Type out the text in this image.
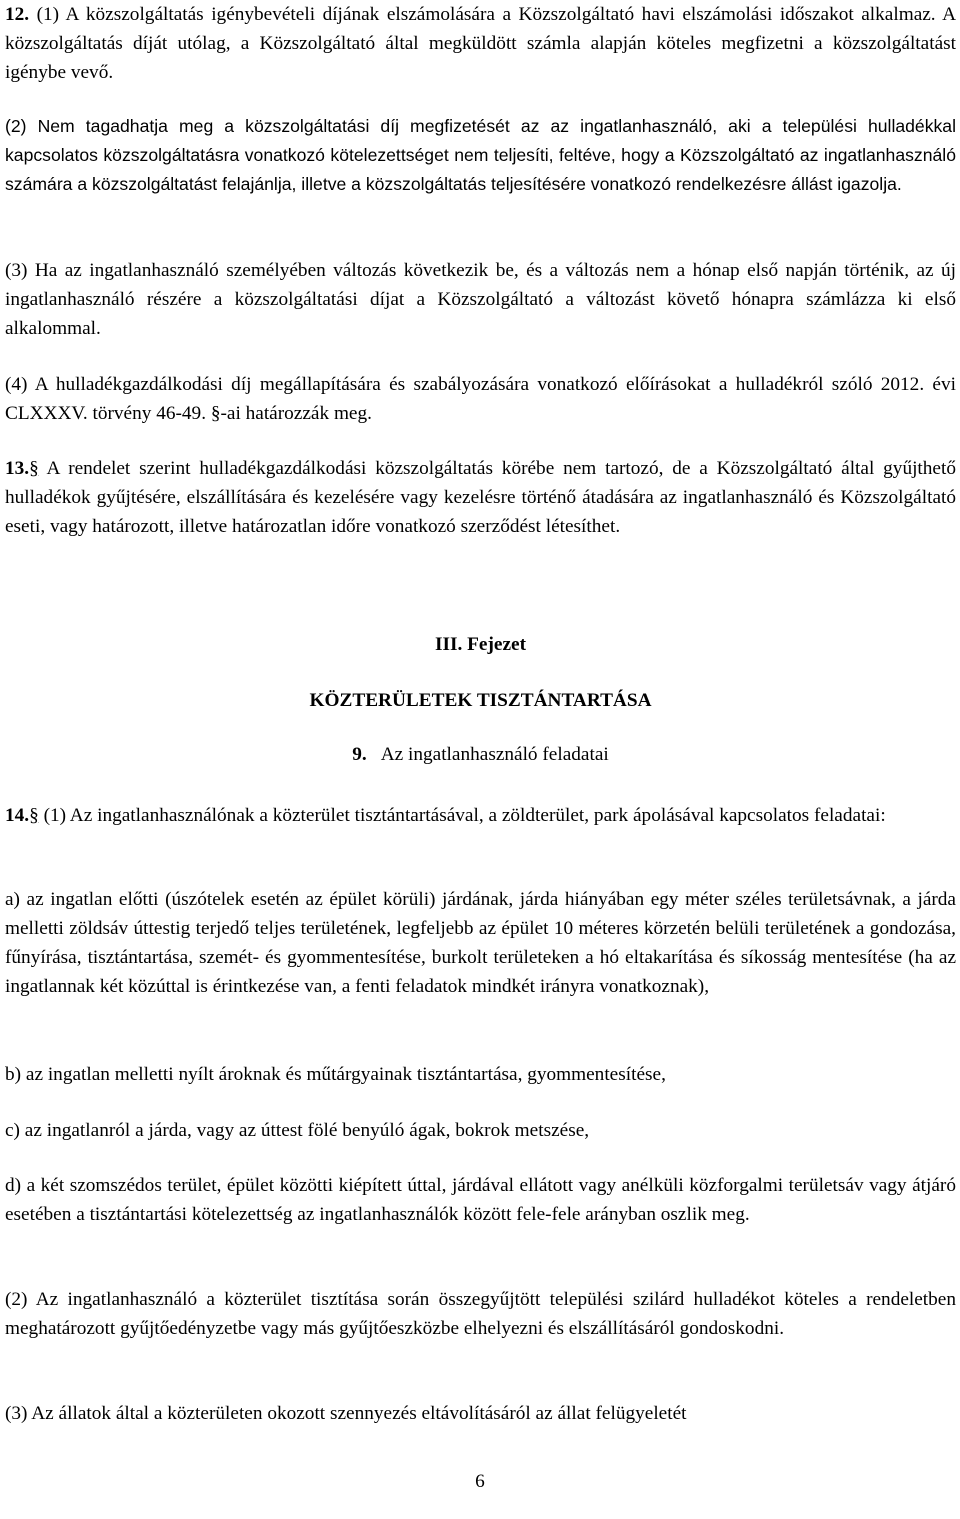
12. (1) A közszolgáltatás igénybevételi díjának elszámolására a Közszolgáltató havi elszámolási időszakot alkalmaz. A közszolgáltatás díját utólag, a Közszolgáltató által megküldött számla alapján köteles megfizetni a közszolgáltatást igénybe vevő.

(2) Nem tagadhatja meg a közszolgáltatási díj megfizetését az az ingatlanhasználó, aki a települési hulladékkal kapcsolatos közszolgáltatásra vonatkozó kötelezettséget nem teljesíti, feltéve, hogy a Közszolgáltató az ingatlanhasználó számára a közszolgáltatást felajánlja, illetve a közszolgáltatás teljesítésére vonatkozó rendelkezésre állást igazolja.

(3) Ha az ingatlanhasználó személyében változás következik be, és a változás nem a hónap első napján történik, az új ingatlanhasználó részére a közszolgáltatási díjat a Közszolgáltató a változást követő hónapra számlázza ki első alkalommal.

(4) A hulladékgazdálkodási díj megállapítására és szabályozására vonatkozó előírásokat a hulladékról szóló 2012. évi CLXXXV. törvény 46-49. §-ai határozzák meg.

13.§ A rendelet szerint hulladékgazdálkodási közszolgáltatás körébe nem tartozó, de a Közszolgáltató által gyűjthető hulladékok gyűjtésére, elszállítására és kezelésére vagy kezelésre történő átadására az ingatlanhasználó és Közszolgáltató eseti, vagy határozott, illetve határozatlan időre vonatkozó szerződést létesíthet.

III. Fejezet

KÖZTERÜLETEK TISZTÁNTARTÁSA

9. Az ingatlanhasználó feladatai

14.§ (1) Az ingatlanhasználónak a közterület tisztántartásával, a zöldterület, park ápolásával kapcsolatos feladatai:

a) az ingatlan előtti (úszótelek esetén az épület körüli) járdának, járda hiányában egy méter széles területsávnak, a járda melletti zöldsáv úttestig terjedő teljes területének, legfeljebb az épület 10 méteres körzetén belüli területének a gondozása, fűnyírása, tisztántartása, szemét- és gyommentesítése, burkolt területeken a hó eltakarítása és síkosság mentesítése (ha az ingatlannak két közúttal is érintkezése van, a fenti feladatok mindkét irányra vonatkoznak),

b) az ingatlan melletti nyílt ároknak és műtárgyainak tisztántartása, gyommentesítése,

c) az ingatlanról a járda, vagy az úttest fölé benyúló ágak, bokrok metszése,

d) a két szomszédos terület, épület közötti kiépített úttal, járdával ellátott vagy anélküli közforgalmi területsáv vagy átjáró esetében a tisztántartási kötelezettség az ingatlanhasználók között fele-fele arányban oszlik meg.

(2) Az ingatlanhasználó a közterület tisztítása során összegyűjtött települési szilárd hulladékot köteles a rendeletben meghatározott gyűjtőedényzetbe vagy más gyűjtőeszközbe elhelyezni és elszállításáról gondoskodni.

(3) Az állatok által a közterületen okozott szennyezés eltávolításáról az állat felügyeletét

6
